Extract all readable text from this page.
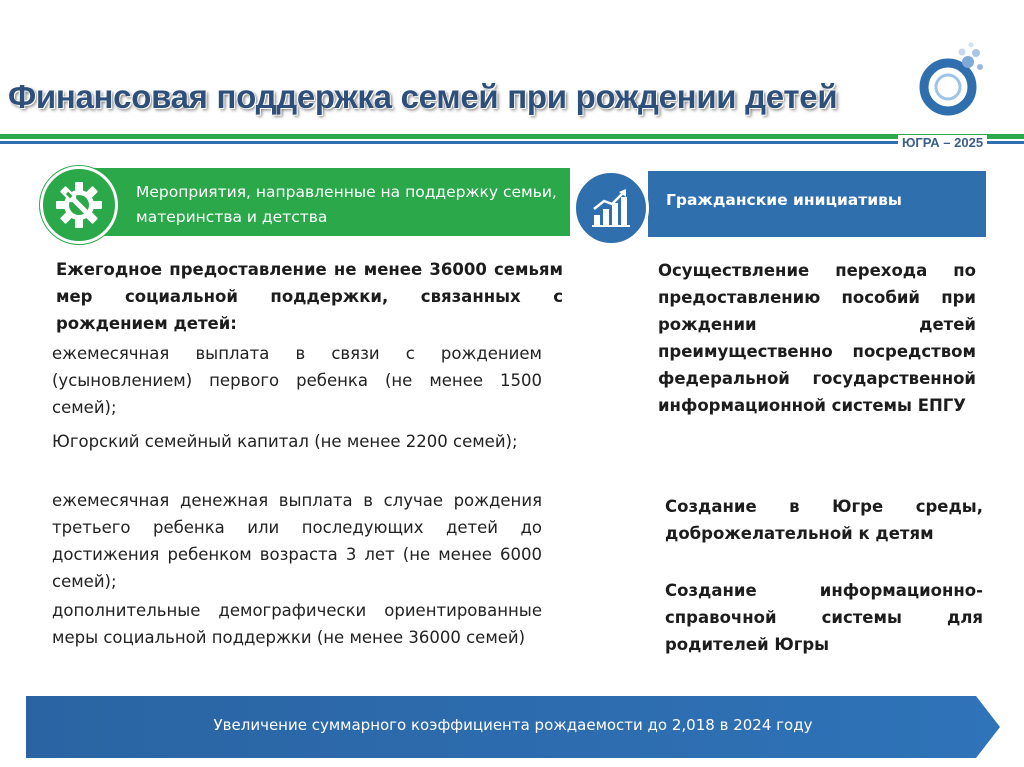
Финансовая поддержка семей при рождении детей
ЮГРА – 2025
Мероприятия, направленные на поддержку семьи, материнства и детства
Гражданские инициативы
Ежегодное предоставление не менее 36000 семьям мер социальной поддержки, связанных с рождением детей:
ежемесячная выплата в связи с рождением (усыновлением) первого ребенка (не менее 1500 семей);
Югорский семейный капитал (не менее 2200 семей);
ежемесячная денежная выплата в случае рождения третьего ребенка или последующих детей до достижения ребенком возраста 3 лет (не менее 6000 семей);
дополнительные демографически ориентированные меры социальной поддержки (не менее 36000 семей)
Осуществление перехода по предоставлению пособий при рождении детей преимущественно посредством федеральной государственной информационной системы ЕПГУ
Создание в Югре среды, доброжелательной к детям
Создание информационно-справочной системы для родителей Югры
Увеличение суммарного коэффициента рождаемости до 2,018 в 2024 году
